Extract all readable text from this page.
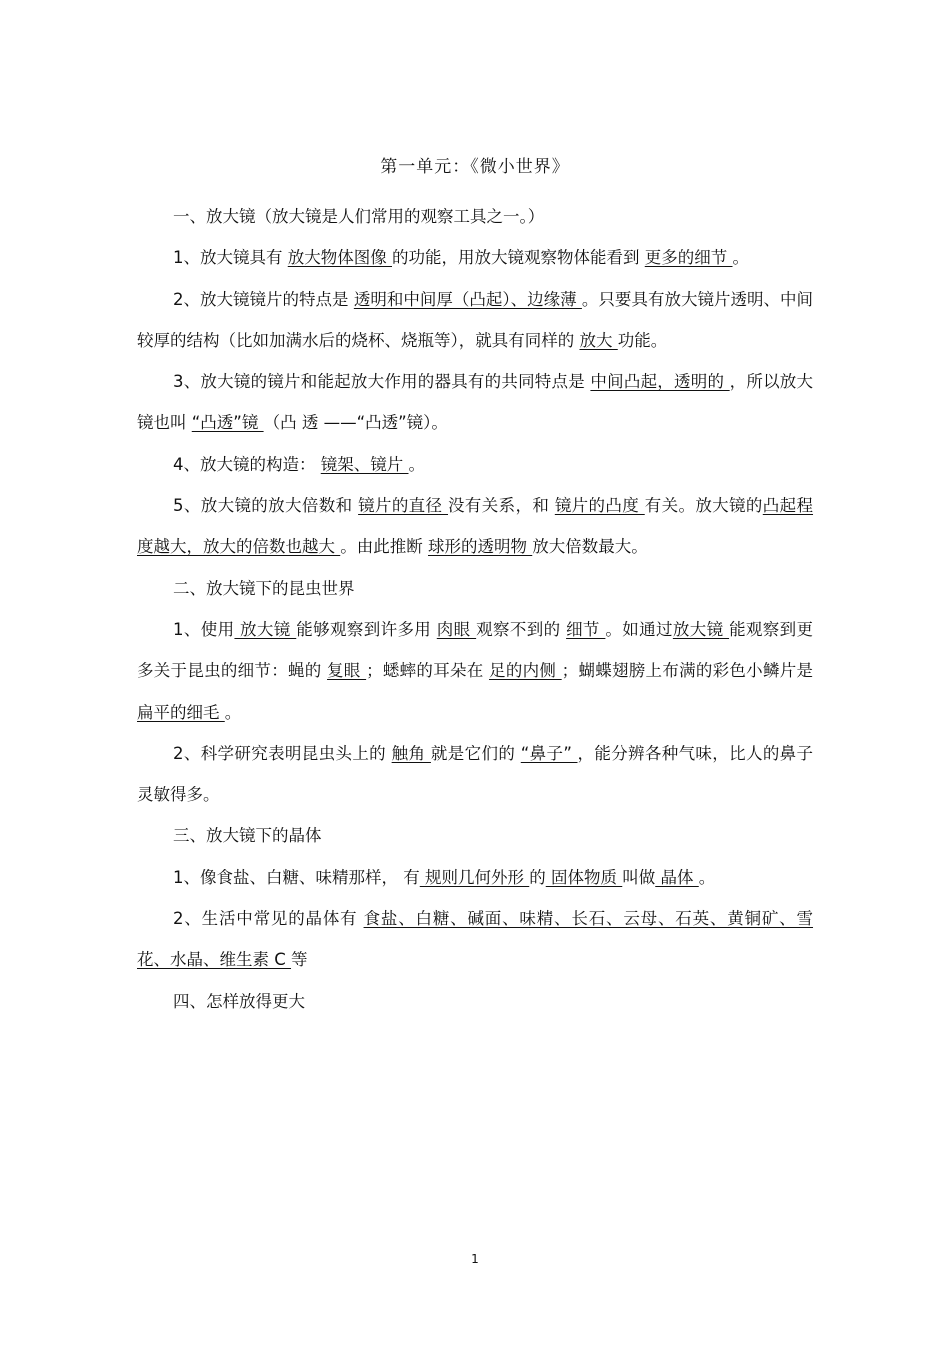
第一单元：《微小世界》

一、放大镜（放大镜是人们常用的观察工具之一。）

1、放大镜具有 放大物体图像 的功能，用放大镜观察物体能看到 更多的细节 。

2、放大镜镜片的特点是 透明和中间厚（凸起）、边缘薄 。只要具有放大镜片透明、中间较厚的结构（比如加满水后的烧杯、烧瓶等），就具有同样的 放大 功能。

3、放大镜的镜片和能起放大作用的器具有的共同特点是 中间凸起，透明的 ，所以放大镜也叫 “凸透”镜 （凸 透 ——“凸透”镜）。

4、放大镜的构造： 镜架、镜片 。

5、放大镜的放大倍数和 镜片的直径 没有关系，和 镜片的凸度 有关。放大镜的凸起程度越大，放大的倍数也越大 。由此推断 球形的透明物 放大倍数最大。

二、放大镜下的昆虫世界

1、使用 放大镜 能够观察到许多用 肉眼 观察不到的 细节 。如通过放大镜 能观察到更多关于昆虫的细节：蝇的 复眼 ；蟋蟀的耳朵在 足的内侧 ；蝴蝶翅膀上布满的彩色小鳞片是 扁平的细毛 。

2、科学研究表明昆虫头上的 触角 就是它们的 “鼻子” ，能分辨各种气味，比人的鼻子灵敏得多。

三、放大镜下的晶体

1、像食盐、白糖、味精那样， 有 规则几何外形 的 固体物质 叫做 晶体 。

2、生活中常见的晶体有 食盐、白糖、碱面、味精、长石、云母、石英、黄铜矿、雪花、水晶、维生素 C 等

四、怎样放得更大

1
